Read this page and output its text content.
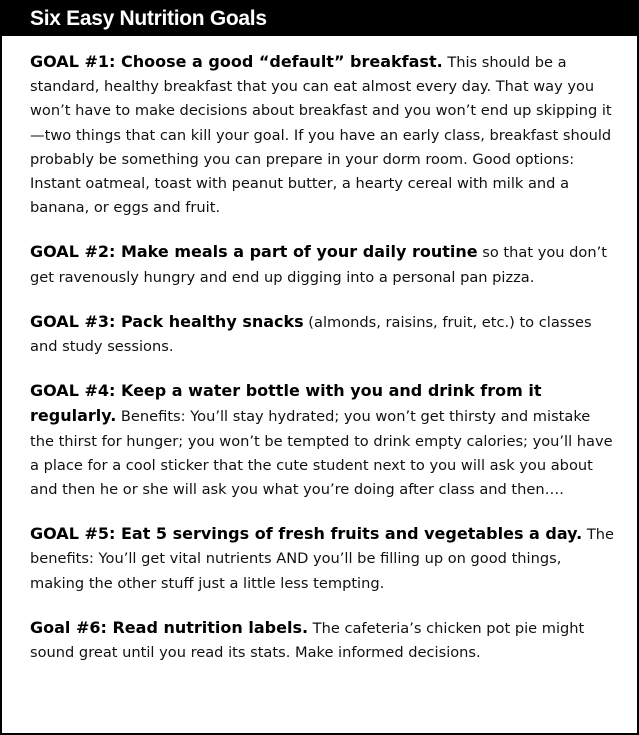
Six Easy Nutrition Goals

GOAL #1: Choose a good “default” breakfast. This should be a standard, healthy breakfast that you can eat almost every day. That way you won’t have to make decisions about breakfast and you won’t end up skipping it—two things that can kill your goal. If you have an early class, breakfast should probably be something you can prepare in your dorm room. Good options: Instant oatmeal, toast with peanut butter, a hearty cereal with milk and a banana, or eggs and fruit.

GOAL #2: Make meals a part of your daily routine so that you don’t get ravenously hungry and end up digging into a personal pan pizza.

GOAL #3: Pack healthy snacks (almonds, raisins, fruit, etc.) to classes and study sessions.

GOAL #4: Keep a water bottle with you and drink from it regularly. Benefits: You’ll stay hydrated; you won’t get thirsty and mistake the thirst for hunger; you won’t be tempted to drink empty calories; you’ll have a place for a cool sticker that the cute student next to you will ask you about and then he or she will ask you what you’re doing after class and then….

GOAL #5: Eat 5 servings of fresh fruits and vegetables a day. The benefits: You’ll get vital nutrients AND you’ll be filling up on good things, making the other stuff just a little less tempting.

Goal #6: Read nutrition labels. The cafeteria’s chicken pot pie might sound great until you read its stats. Make informed decisions.
